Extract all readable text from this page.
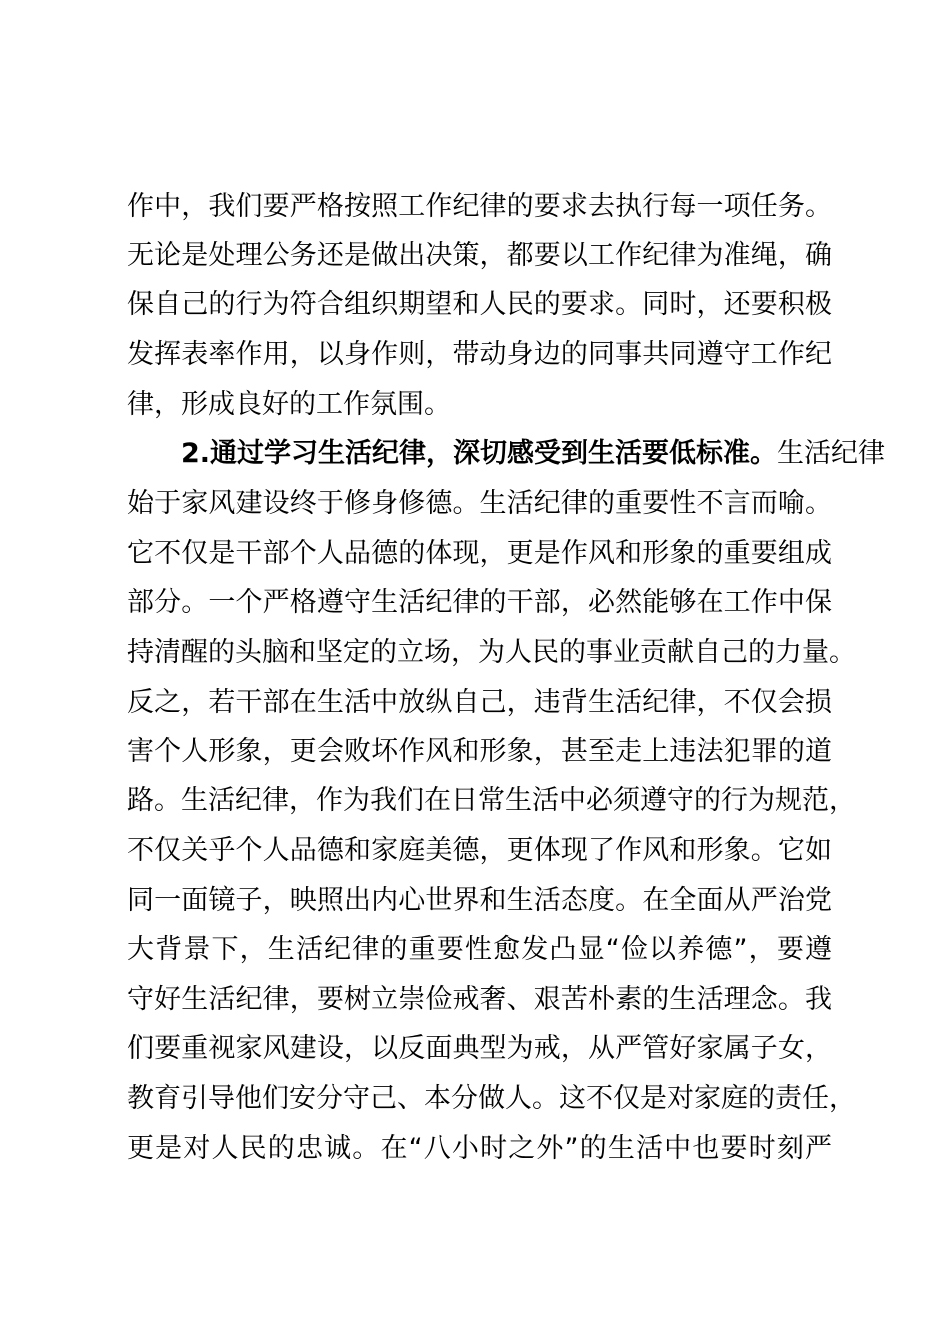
作中，我们要严格按照工作纪律的要求去执行每一项任务。
无论是处理公务还是做出决策，都要以工作纪律为准绳，确
保自己的行为符合组织期望和人民的要求。同时，还要积极
发挥表率作用，以身作则，带动身边的同事共同遵守工作纪
律，形成良好的工作氛围。
2.通过学习生活纪律，深切感受到生活要低标准。生活纪律
始于家风建设终于修身修德。生活纪律的重要性不言而喻。
它不仅是干部个人品德的体现，更是作风和形象的重要组成
部分。一个严格遵守生活纪律的干部，必然能够在工作中保
持清醒的头脑和坚定的立场，为人民的事业贡献自己的力量。
反之，若干部在生活中放纵自己，违背生活纪律，不仅会损
害个人形象，更会败坏作风和形象，甚至走上违法犯罪的道
路。生活纪律，作为我们在日常生活中必须遵守的行为规范，
不仅关乎个人品德和家庭美德，更体现了作风和形象。它如
同一面镜子，映照出内心世界和生活态度。在全面从严治党
大背景下，生活纪律的重要性愈发凸显“俭以养德”，要遵
守好生活纪律，要树立崇俭戒奢、艰苦朴素的生活理念。我
们要重视家风建设，以反面典型为戒，从严管好家属子女，
教育引导他们安分守己、本分做人。这不仅是对家庭的责任，
更是对人民的忠诚。在“八小时之外”的生活中也要时刻严
